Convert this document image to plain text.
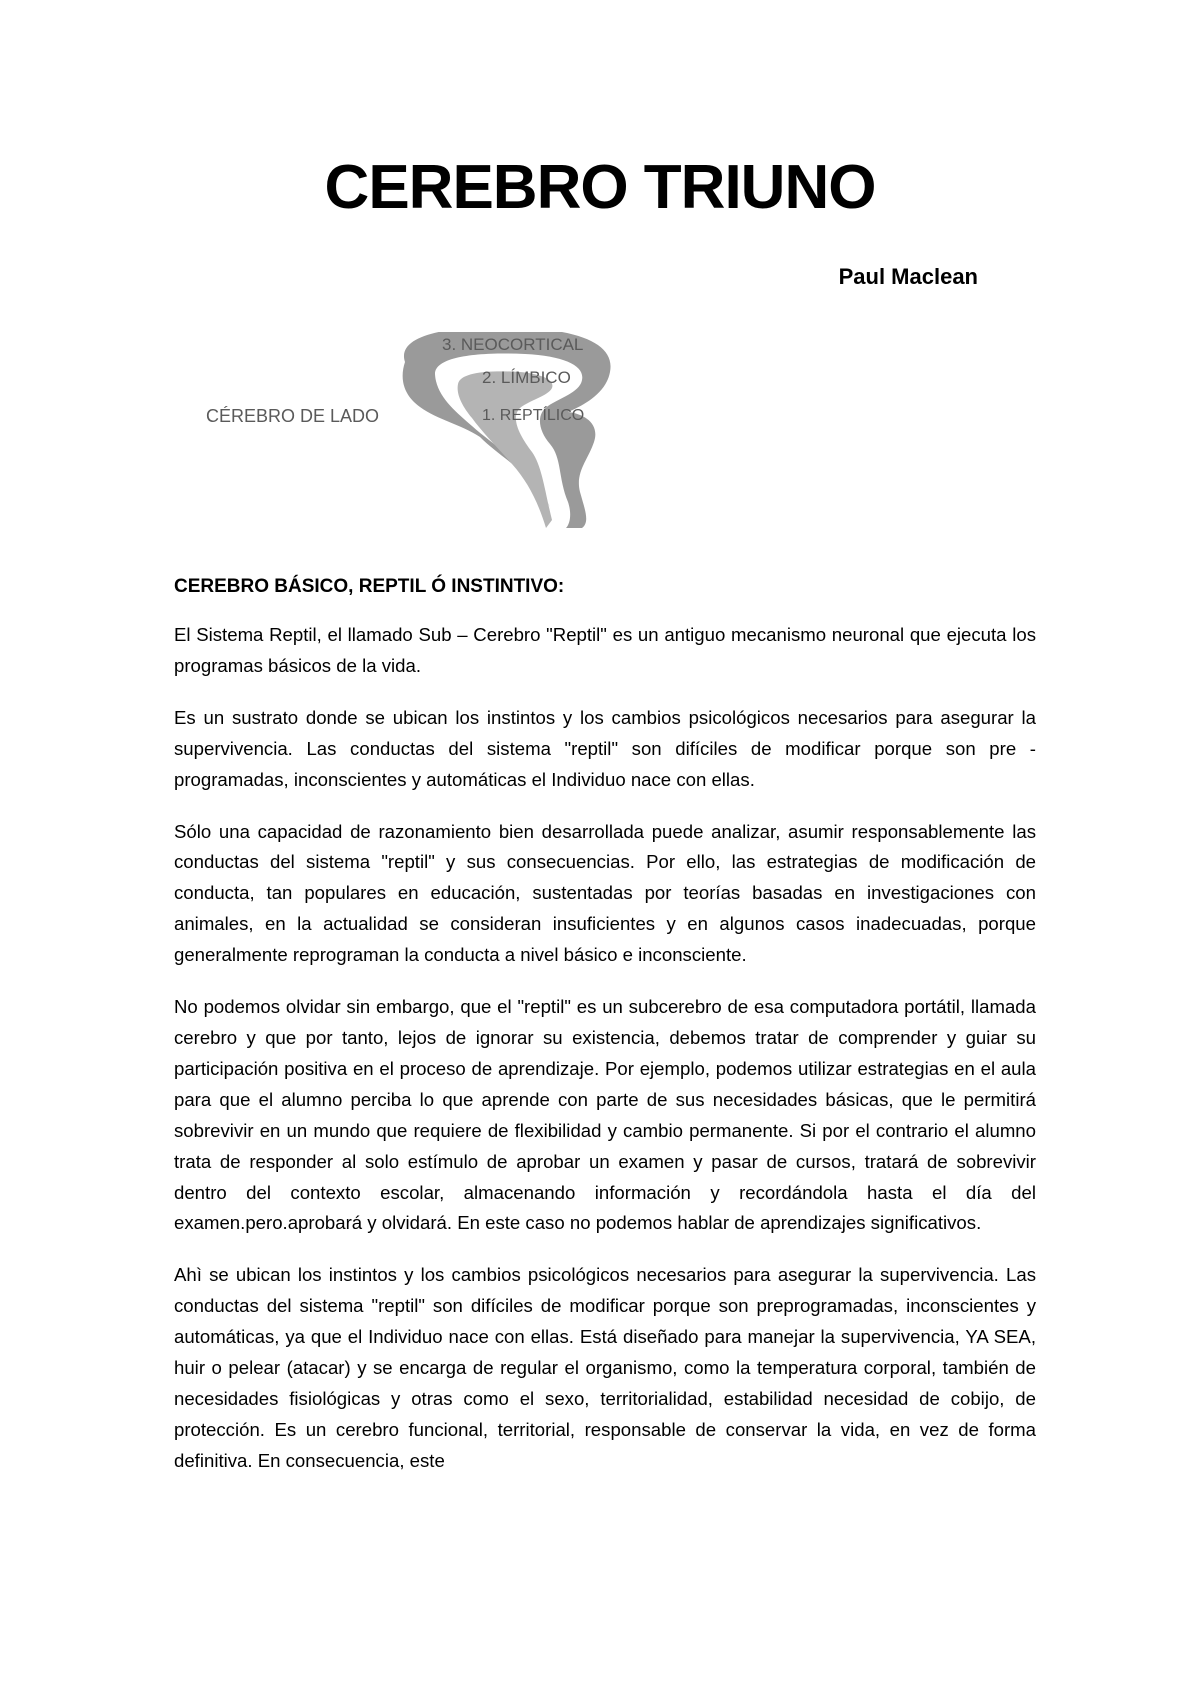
CEREBRO TRIUNO

Paul Maclean

CÉREBRO DE LADO
3. NEOCORTICAL
2. LÍMBICO
1. REPTÍLICO
CEREBRO BÁSICO, REPTIL Ó INSTINTIVO:

El Sistema Reptil, el llamado Sub – Cerebro "Reptil" es un antiguo mecanismo neuronal que ejecuta los programas básicos de la vida.

Es un sustrato donde se ubican los instintos y los cambios psicológicos necesarios para asegurar la supervivencia. Las conductas del sistema "reptil" son difíciles de modificar porque son pre - programadas, inconscientes y automáticas el Individuo nace con ellas.

Sólo una capacidad de razonamiento bien desarrollada puede analizar, asumir responsablemente las conductas del sistema "reptil" y sus consecuencias. Por ello, las estrategias de modificación de conducta, tan populares en educación, sustentadas por teorías basadas en investigaciones con animales, en la actualidad se consideran insuficientes y en algunos casos inadecuadas, porque generalmente reprograman la conducta a nivel básico e inconsciente.

No podemos olvidar sin embargo, que el "reptil" es un subcerebro de esa computadora portátil, llamada cerebro y que por tanto, lejos de ignorar su existencia, debemos tratar de comprender y guiar su participación positiva en el proceso de aprendizaje. Por ejemplo, podemos utilizar estrategias en el aula para que el alumno perciba lo que aprende con parte de sus necesidades básicas, que le permitirá sobrevivir en un mundo que requiere de flexibilidad y cambio permanente. Si por el contrario el alumno trata de responder al solo estímulo de aprobar un examen y pasar de cursos, tratará de sobrevivir dentro del contexto escolar, almacenando información y recordándola hasta el día del examen.pero.aprobará y olvidará. En este caso no podemos hablar de aprendizajes significativos.

Ahì se ubican los instintos y los cambios psicológicos necesarios para asegurar la supervivencia. Las conductas del sistema "reptil" son difíciles de modificar porque son preprogramadas, inconscientes y automáticas, ya que el Individuo nace con ellas. Está diseñado para manejar la supervivencia, YA SEA, huir o pelear (atacar) y se encarga de regular el organismo, como la temperatura corporal, también de necesidades fisiológicas y otras como el sexo, territorialidad, estabilidad necesidad de cobijo, de protección. Es un cerebro funcional, territorial, responsable de conservar la vida, en vez de forma definitiva. En consecuencia, este
